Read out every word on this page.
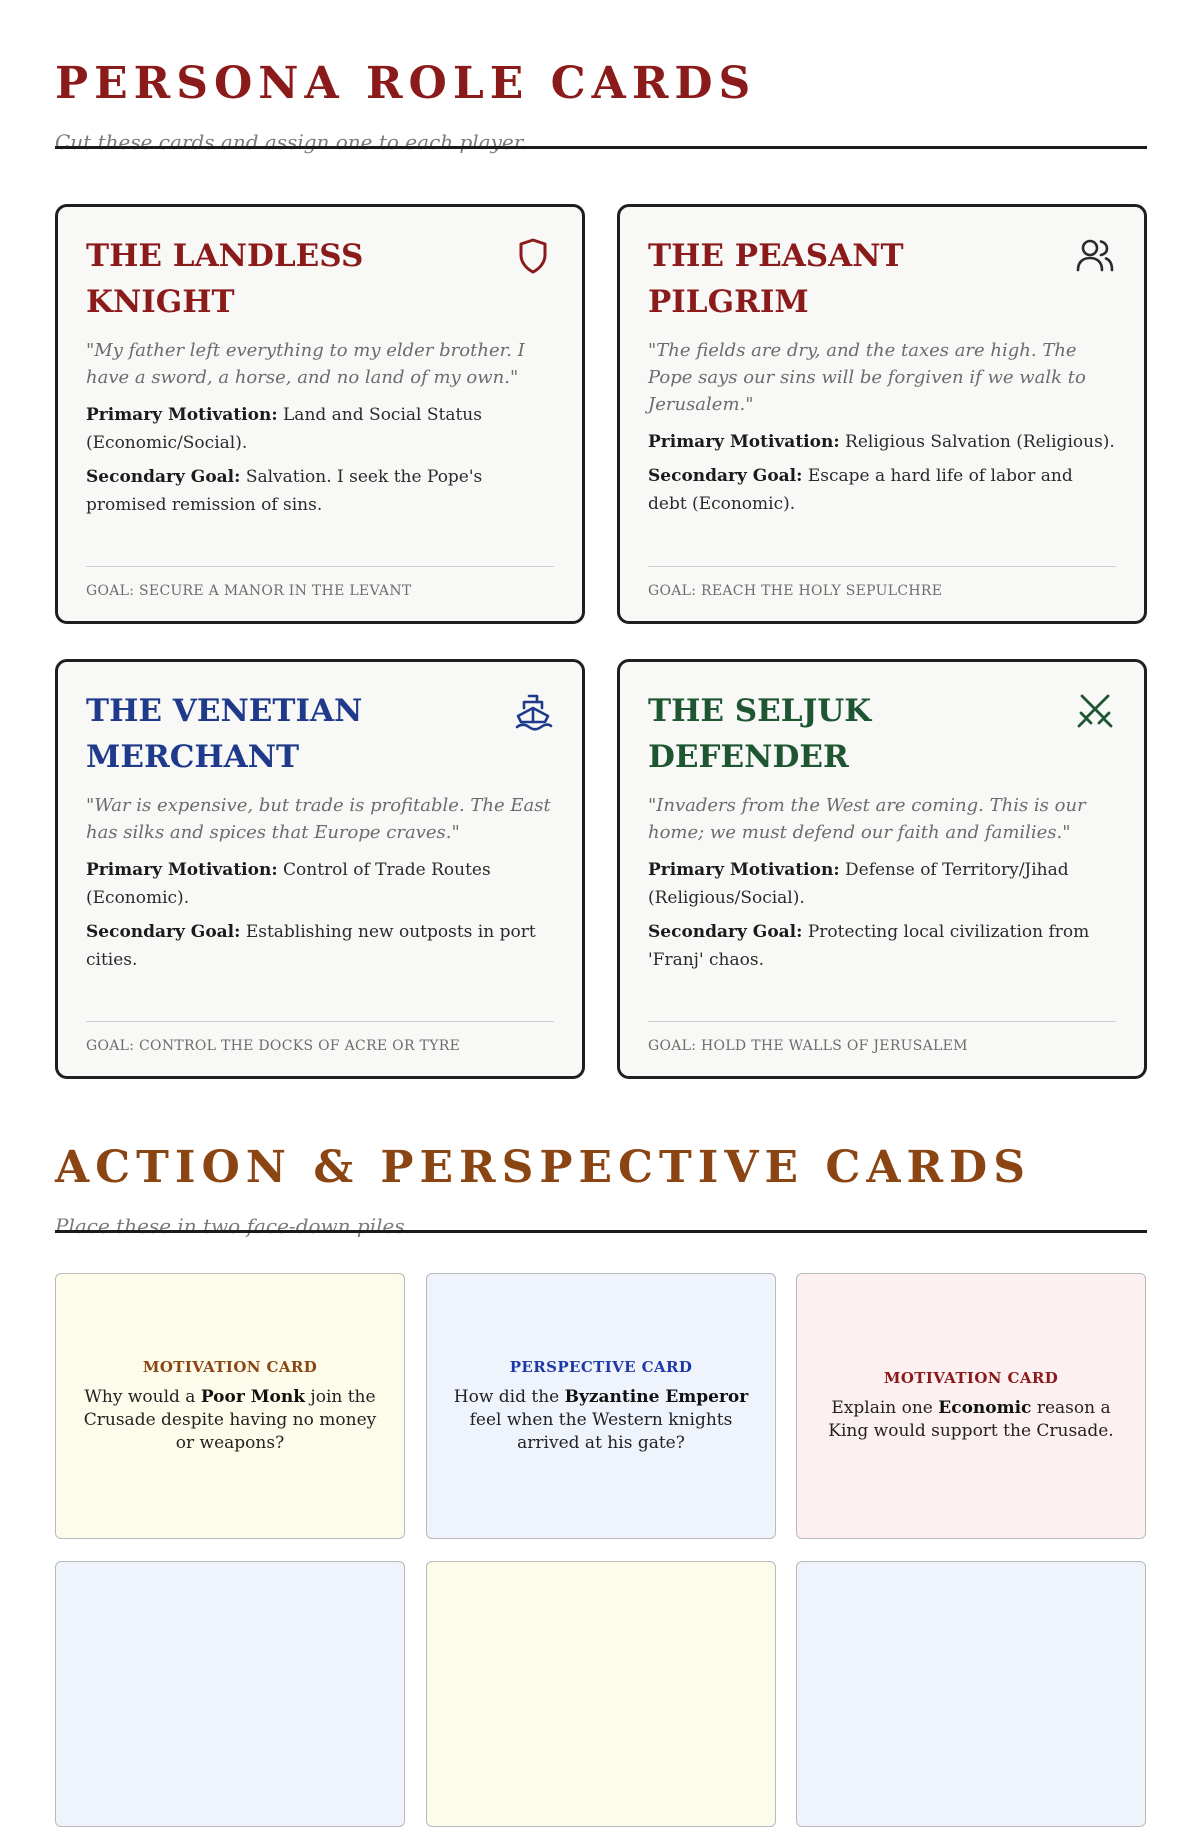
PERSONA ROLE CARDS

Cut these cards and assign one to each player.

THE LANDLESS KNIGHT

"My father left everything to my elder brother. I have a sword, a horse, and no land of my own."

Primary Motivation: Land and Social Status (Economic/Social).

Secondary Goal: Salvation. I seek the Pope's promised remission of sins.

GOAL: SECURE A MANOR IN THE LEVANT
THE PEASANT PILGRIM

"The fields are dry, and the taxes are high. The Pope says our sins will be forgiven if we walk to Jerusalem."

Primary Motivation: Religious Salvation (Religious).

Secondary Goal: Escape a hard life of labor and debt (Economic).

GOAL: REACH THE HOLY SEPULCHRE
THE VENETIAN MERCHANT

"War is expensive, but trade is profitable. The East has silks and spices that Europe craves."

Primary Motivation: Control of Trade Routes (Economic).

Secondary Goal: Establishing new outposts in port cities.

GOAL: CONTROL THE DOCKS OF ACRE OR TYRE
THE SELJUK DEFENDER

"Invaders from the West are coming. This is our home; we must defend our faith and families."

Primary Motivation: Defense of Territory/Jihad (Religious/Social).

Secondary Goal: Protecting local civilization from 'Franj' chaos.

GOAL: HOLD THE WALLS OF JERUSALEM
ACTION & PERSPECTIVE CARDS

Place these in two face-down piles.

MOTIVATION CARD
Why would a Poor Monk join the Crusade despite having no money or weapons?
PERSPECTIVE CARD
How did the Byzantine Emperor feel when the Western knights arrived at his gate?
MOTIVATION CARD
Explain one Economic reason a King would support the Crusade.
